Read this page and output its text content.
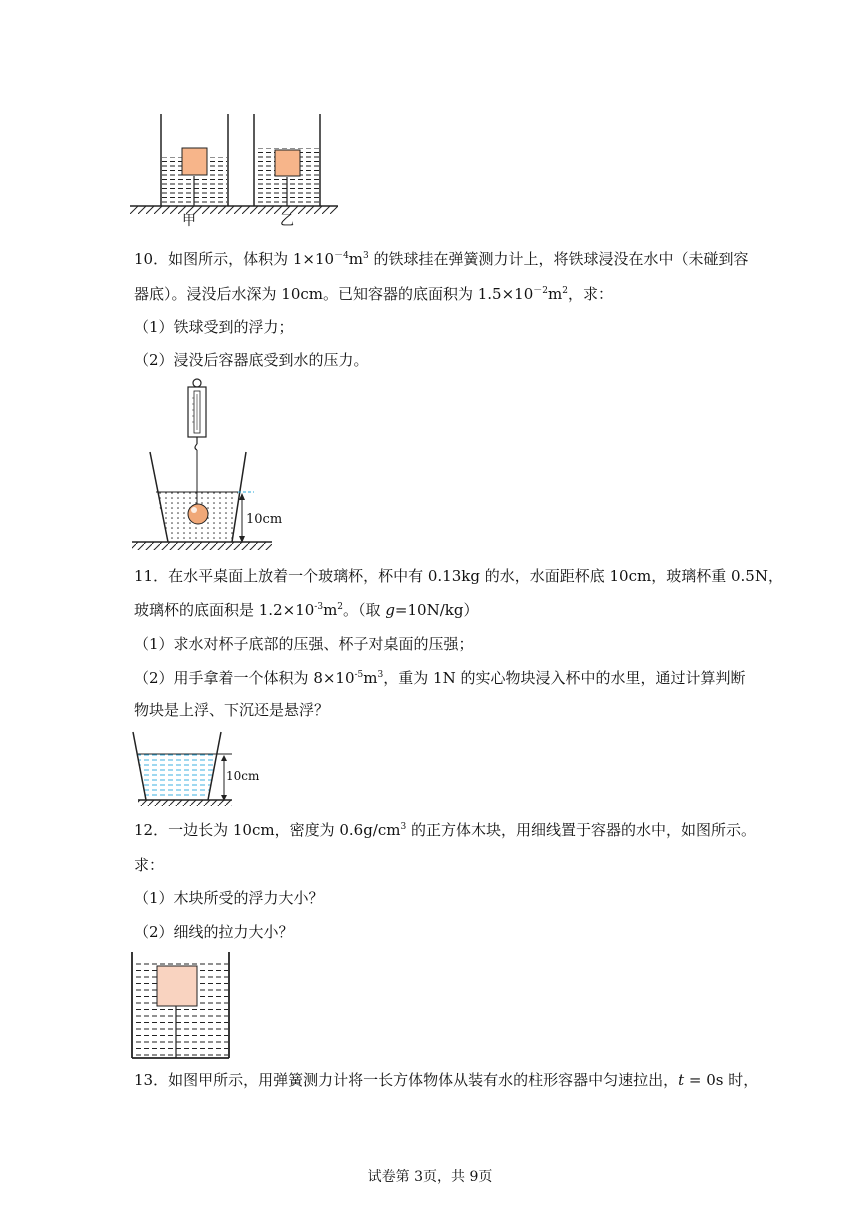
甲	乙
10．如图所示，体积为 $1\times 10^{-4}m^3$ 的铁球挂在弹簧测力计上，将铁球浸没在水中（未碰到容
器底）。浸没后水深为 10cm。已知容器的底面积为 $1.5\times 10^{-2}m^2$，求：
（1）铁球受到的浮力；
（2）浸没后容器底受到水的压力。
10cm
11．在水平桌面上放着一个玻璃杯，杯中有 0.13kg 的水，水面距杯底 10cm，玻璃杯重 0.5N，
玻璃杯的底面积是 $1.2\times 10^{-3}m^2$。（取 g=10N/kg）
（1）求水对杯子底部的压强、杯子对桌面的压强；
（2）用手拿着一个体积为 $8\times 10^{-5}m^3$，重为 1N 的实心物块浸入杯中的水里，通过计算判断
物块是上浮、下沉还是悬浮？
10cm
12．一边长为 10cm，密度为 $0.6g/cm^3$ 的正方体木块，用细线置于容器的水中，如图所示。
求：
（1）木块所受的浮力大小？
（2）细线的拉力大小？
13．如图甲所示，用弹簧测力计将一长方体物体从装有水的柱形容器中匀速拉出，t = 0s 时，
试卷第 3页，共 9页
